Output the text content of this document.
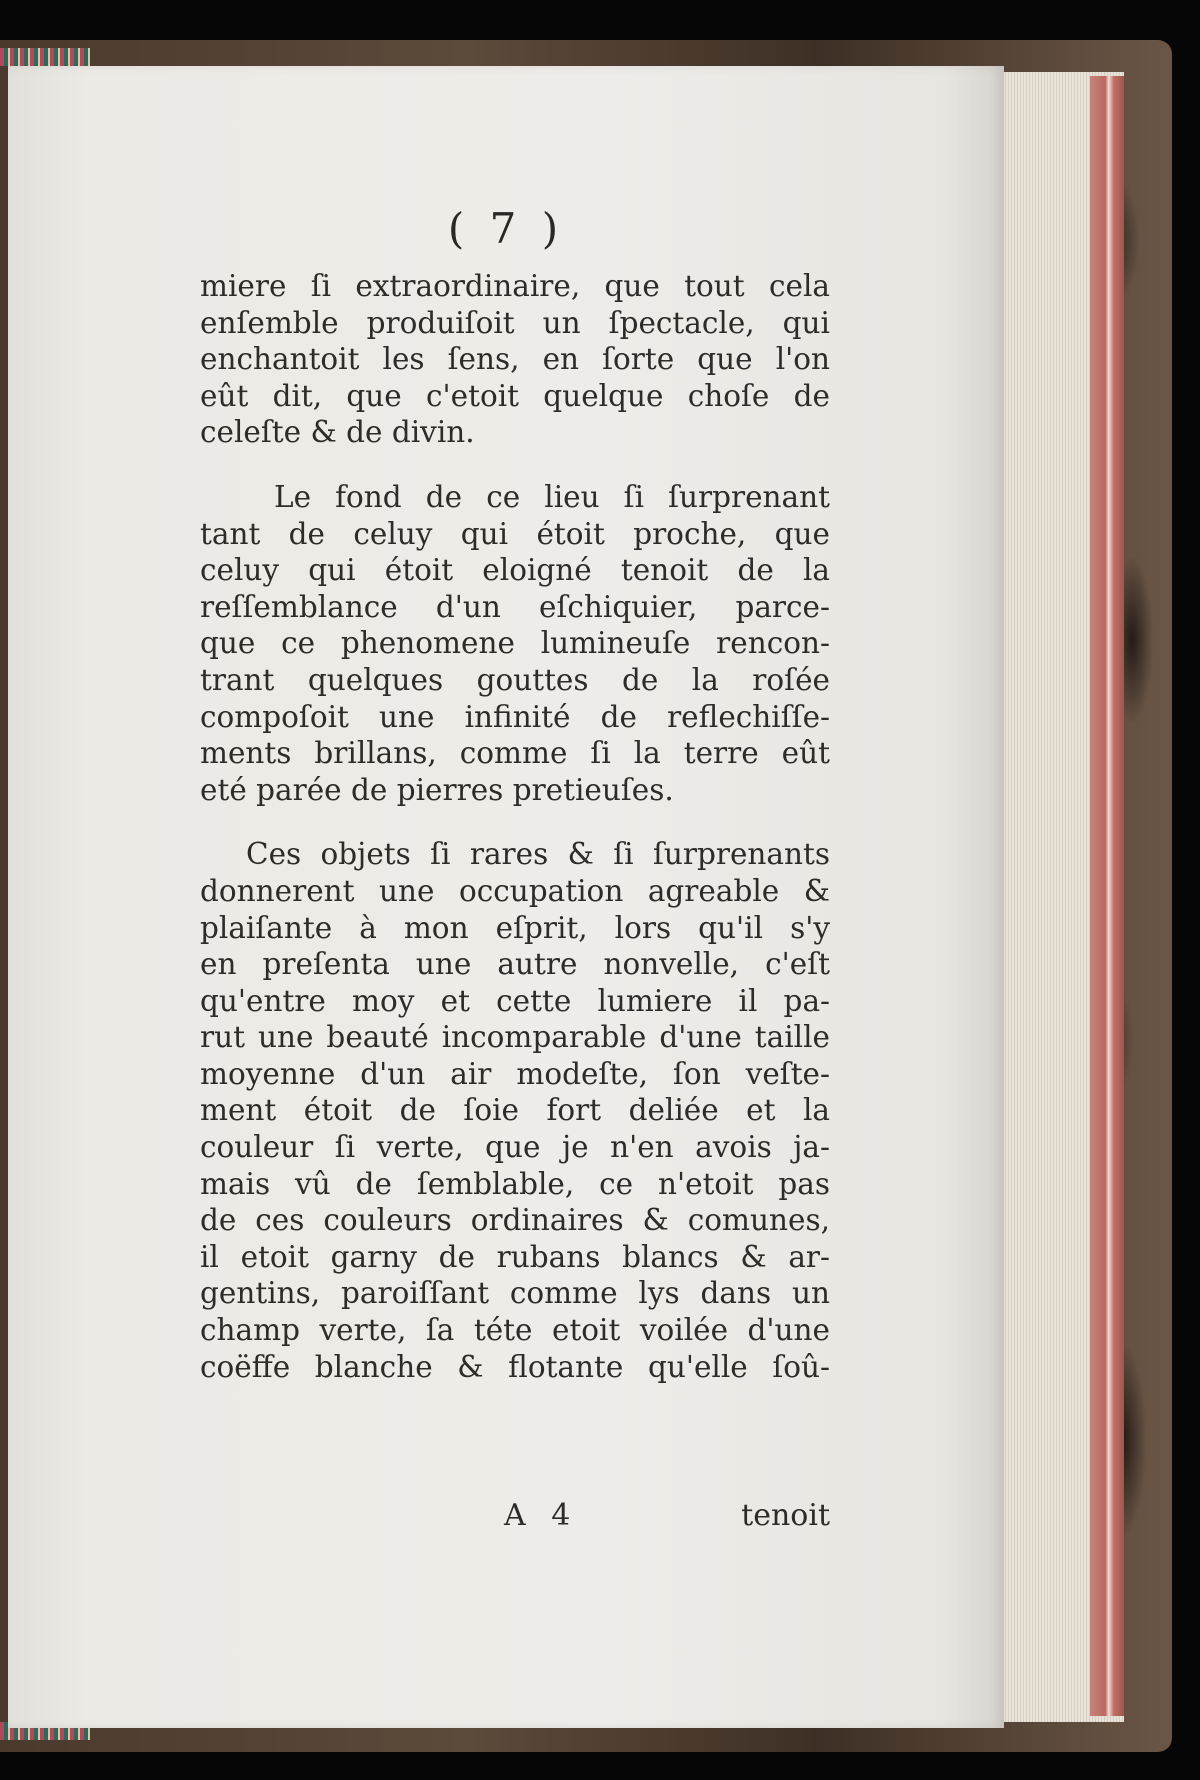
( 7 )

miere ſi extraordinaire, que tout cela
enſemble produiſoit un ſpectacle, qui
enchantoit les ſens, en ſorte que l'on
eût dit, que c'etoit quelque choſe de
celeſte & de divin.

Le fond de ce lieu ſi ſurprenant
tant de celuy qui étoit proche, que
celuy qui étoit eloigné tenoit de la
reſſemblance d'un eſchiquier, parce-
que ce phenomene lumineuſe rencon-
trant quelques gouttes de la roſée
compoſoit une infinité de reflechiſſe-
ments brillans, comme ſi la terre eût
eté parée de pierres pretieuſes.

Ces objets ſi rares & ſi ſurprenants
donnerent une occupation agreable &
plaiſante à mon eſprit, lors qu'il s'y
en preſenta une autre nonvelle, c'eſt
qu'entre moy et cette lumiere il pa-
rut une beauté incomparable d'une taille
moyenne d'un air modeſte, ſon veſte-
ment étoit de ſoie fort deliée et la
couleur ſi verte, que je n'en avois ja-
mais vû de ſemblable, ce n'etoit pas
de ces couleurs ordinaires & comunes,
il etoit garny de rubans blancs & ar-
gentins, paroiſſant comme lys dans un
champ verte, ſa téte etoit voilée d'une
coëffe blanche & flotante qu'elle ſoû-

A 4	tenoit
